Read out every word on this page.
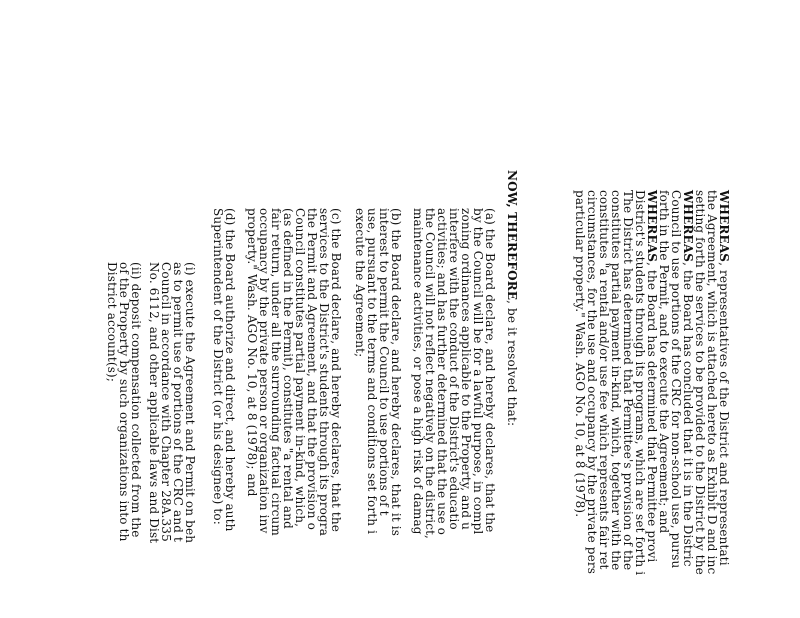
WHEREAS, representatives of the District and representati
the Agreement, which is attached hereto as Exhibit D and inc
setting forth the services to be provided to the District by the
WHEREAS, the Board has concluded that it is in the Distric
Council to use portions of the CRC for non-school use, pursu
forth in the Permit, and to execute the Agreement; and
WHEREAS, the Board has determined that Permittee provi
District's students through its programs, which are set forth i
The District has determined that Permittee's provision of the
constitutes partial payment in-kind, which, together with the
constitutes "a rental and/or use fee which represents fair ret
circumstances, for the use and occupancy by the private pers
particular property." Wash. AGO No. 10, at 8 (1978).
NOW, THEREFORE, be it resolved that:
(a) the Board declare, and hereby declares, that the
by the Council will be for a lawful purpose, in compl
zoning ordinances applicable to the Property, and u
interfere with the conduct of the District's educatio
activities; and has further determined that the use o
the Council will not reflect negatively on the district,
maintenance activities, or pose a high risk of damag
(b) the Board declare, and hereby declares, that it is
interest to permit the Council to use portions of t
use, pursuant to the terms and conditions set forth i
execute the Agreement;
(c) the Board declare, and hereby declares, that the
services to the District's students through its progra
the Permit and Agreement, and that the provision o
Council constitutes partial payment in-kind, which,
(as defined in the Permit), constitutes "a rental and
fair return, under all the surrounding factual circum
occupancy by the private person or organization inv
property." Wash. AGO No. 10, at 8 (1978); and
(d) the Board authorize and direct, and hereby auth
Superintendent of the District (or his designee) to:
(i) execute the Agreement and Permit on beh
as to permit use of portions of the CRC and t
Council in accordance with Chapter 28A.335
No. 6112, and other applicable laws and Dist
(ii) deposit compensation collected from the
of the Property by such organizations into th
District account(s);
